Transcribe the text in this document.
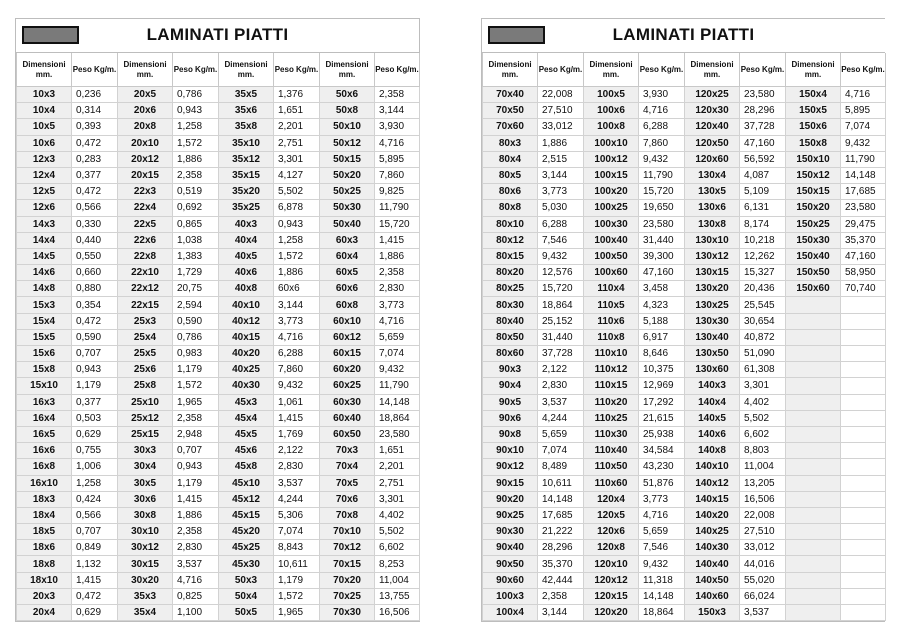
LAMINATI PIATTI
Dimensioni mm.	Peso Kg/m.	Dimensioni mm.	Peso Kg/m.	Dimensioni mm.	Peso Kg/m.	Dimensioni mm.	Peso Kg/m.
10x3	0,236	20x5	0,786	35x5	1,376	50x6	2,358
10x4	0,314	20x6	0,943	35x6	1,651	50x8	3,144
10x5	0,393	20x8	1,258	35x8	2,201	50x10	3,930
10x6	0,472	20x10	1,572	35x10	2,751	50x12	4,716
12x3	0,283	20x12	1,886	35x12	3,301	50x15	5,895
12x4	0,377	20x15	2,358	35x15	4,127	50x20	7,860
12x5	0,472	22x3	0,519	35x20	5,502	50x25	9,825
12x6	0,566	22x4	0,692	35x25	6,878	50x30	11,790
14x3	0,330	22x5	0,865	40x3	0,943	50x40	15,720
14x4	0,440	22x6	1,038	40x4	1,258	60x3	1,415
14x5	0,550	22x8	1,383	40x5	1,572	60x4	1,886
14x6	0,660	22x10	1,729	40x6	1,886	60x5	2,358
14x8	0,880	22x12	20,75	40x8	60x6	60x6	2,830
15x3	0,354	22x15	2,594	40x10	3,144	60x8	3,773
15x4	0,472	25x3	0,590	40x12	3,773	60x10	4,716
15x5	0,590	25x4	0,786	40x15	4,716	60x12	5,659
15x6	0,707	25x5	0,983	40x20	6,288	60x15	7,074
15x8	0,943	25x6	1,179	40x25	7,860	60x20	9,432
15x10	1,179	25x8	1,572	40x30	9,432	60x25	11,790
16x3	0,377	25x10	1,965	45x3	1,061	60x30	14,148
16x4	0,503	25x12	2,358	45x4	1,415	60x40	18,864
16x5	0,629	25x15	2,948	45x5	1,769	60x50	23,580
16x6	0,755	30x3	0,707	45x6	2,122	70x3	1,651
16x8	1,006	30x4	0,943	45x8	2,830	70x4	2,201
16x10	1,258	30x5	1,179	45x10	3,537	70x5	2,751
18x3	0,424	30x6	1,415	45x12	4,244	70x6	3,301
18x4	0,566	30x8	1,886	45x15	5,306	70x8	4,402
18x5	0,707	30x10	2,358	45x20	7,074	70x10	5,502
18x6	0,849	30x12	2,830	45x25	8,843	70x12	6,602
18x8	1,132	30x15	3,537	45x30	10,611	70x15	8,253
18x10	1,415	30x20	4,716	50x3	1,179	70x20	11,004
20x3	0,472	35x3	0,825	50x4	1,572	70x25	13,755
20x4	0,629	35x4	1,100	50x5	1,965	70x30	16,506
LAMINATI PIATTI
Dimensioni mm.	Peso Kg/m.	Dimensioni mm.	Peso Kg/m.	Dimensioni mm.	Peso Kg/m.	Dimensioni mm.	Peso Kg/m.
70x40	22,008	100x5	3,930	120x25	23,580	150x4	4,716
70x50	27,510	100x6	4,716	120x30	28,296	150x5	5,895
70x60	33,012	100x8	6,288	120x40	37,728	150x6	7,074
80x3	1,886	100x10	7,860	120x50	47,160	150x8	9,432
80x4	2,515	100x12	9,432	120x60	56,592	150x10	11,790
80x5	3,144	100x15	11,790	130x4	4,087	150x12	14,148
80x6	3,773	100x20	15,720	130x5	5,109	150x15	17,685
80x8	5,030	100x25	19,650	130x6	6,131	150x20	23,580
80x10	6,288	100x30	23,580	130x8	8,174	150x25	29,475
80x12	7,546	100x40	31,440	130x10	10,218	150x30	35,370
80x15	9,432	100x50	39,300	130x12	12,262	150x40	47,160
80x20	12,576	100x60	47,160	130x15	15,327	150x50	58,950
80x25	15,720	110x4	3,458	130x20	20,436	150x60	70,740
80x30	18,864	110x5	4,323	130x25	25,545		
80x40	25,152	110x6	5,188	130x30	30,654		
80x50	31,440	110x8	6,917	130x40	40,872		
80x60	37,728	110x10	8,646	130x50	51,090		
90x3	2,122	110x12	10,375	130x60	61,308		
90x4	2,830	110x15	12,969	140x3	3,301		
90x5	3,537	110x20	17,292	140x4	4,402		
90x6	4,244	110x25	21,615	140x5	5,502		
90x8	5,659	110x30	25,938	140x6	6,602		
90x10	7,074	110x40	34,584	140x8	8,803		
90x12	8,489	110x50	43,230	140x10	11,004		
90x15	10,611	110x60	51,876	140x12	13,205		
90x20	14,148	120x4	3,773	140x15	16,506		
90x25	17,685	120x5	4,716	140x20	22,008		
90x30	21,222	120x6	5,659	140x25	27,510		
90x40	28,296	120x8	7,546	140x30	33,012		
90x50	35,370	120x10	9,432	140x40	44,016		
90x60	42,444	120x12	11,318	140x50	55,020		
100x3	2,358	120x15	14,148	140x60	66,024		
100x4	3,144	120x20	18,864	150x3	3,537		
